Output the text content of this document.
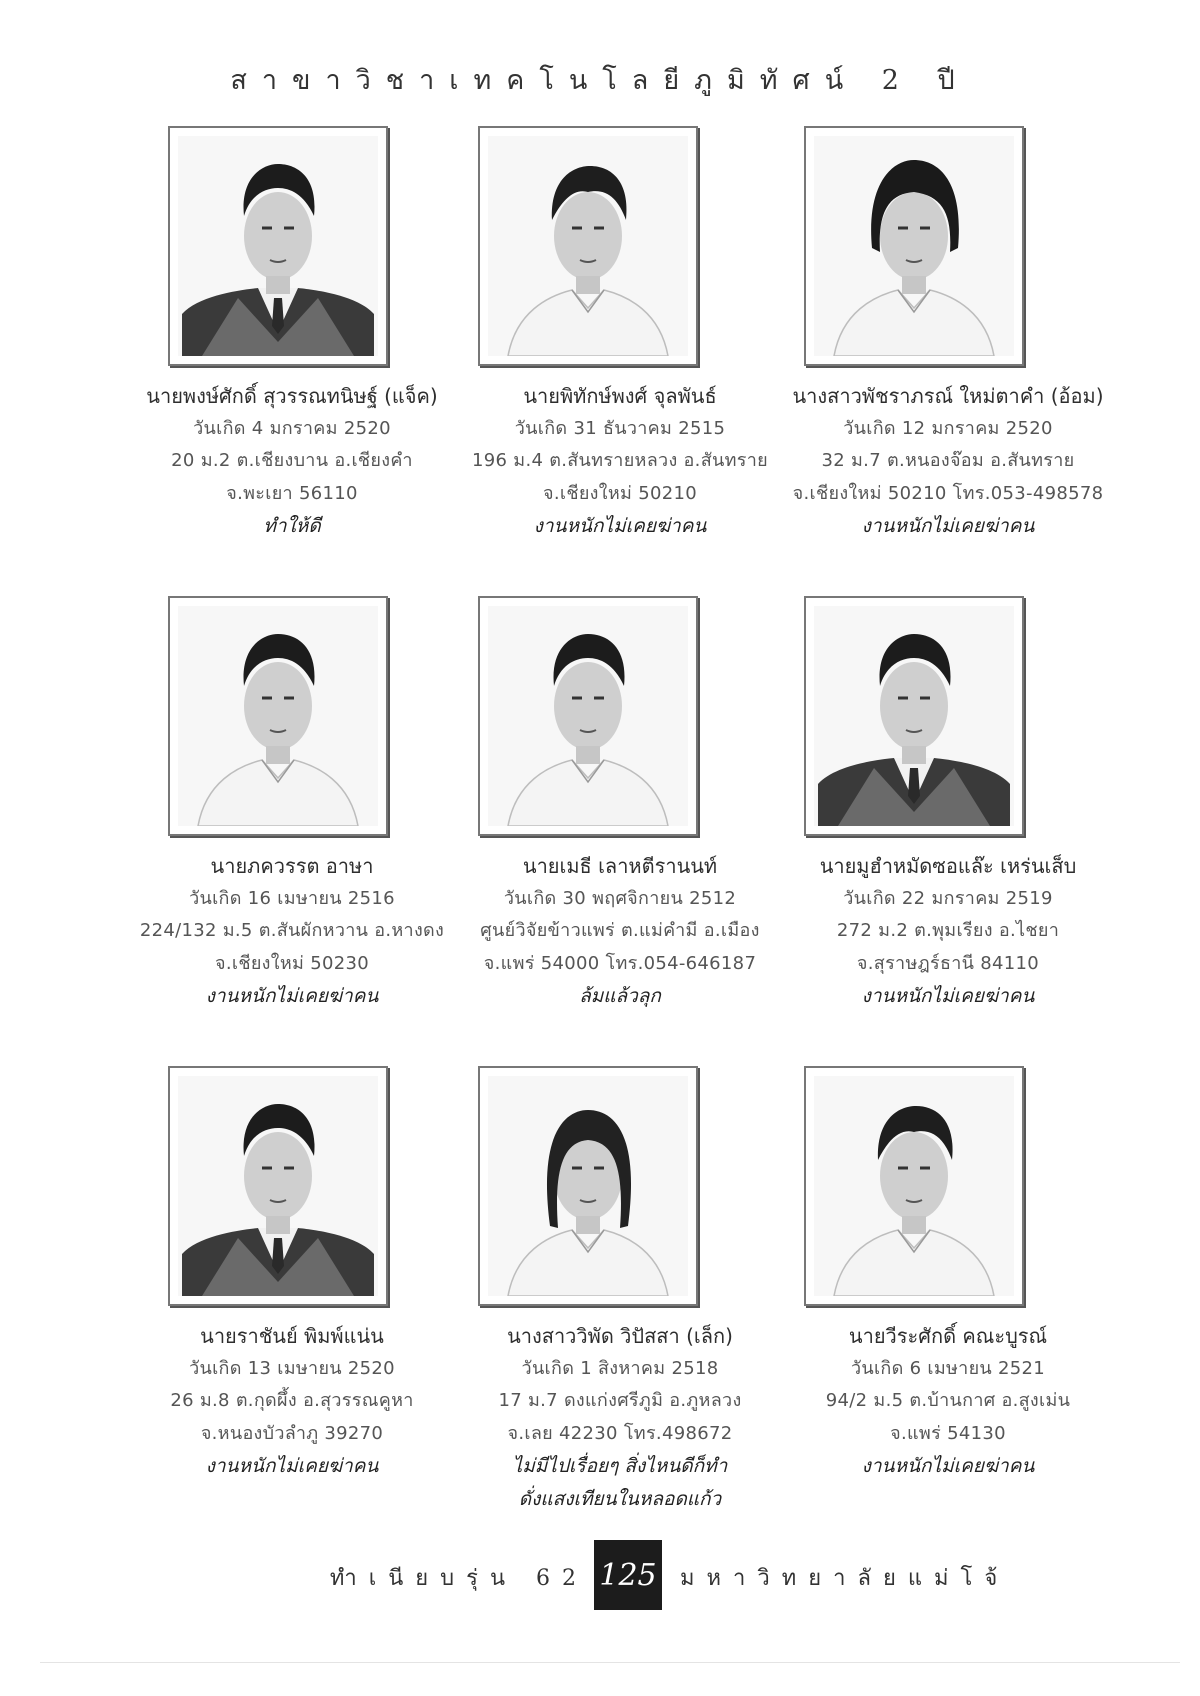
สาขาวิชาเทคโนโลยีภูมิทัศน์ 2 ปี
นายพงษ์ศักดิ์ สุวรรณทนิษฐ์ (แจ็ค)
วันเกิด 4 มกราคม 2520
20 ม.2 ต.เชียงบาน อ.เชียงคำ
จ.พะเยา 56110
ทำให้ดี
นายพิทักษ์พงศ์ จุลพันธ์
วันเกิด 31 ธันวาคม 2515
196 ม.4 ต.สันทรายหลวง อ.สันทราย
จ.เชียงใหม่ 50210
งานหนักไม่เคยฆ่าคน
นางสาวพัชราภรณ์ ใหม่ตาคำ (อ้อม)
วันเกิด 12 มกราคม 2520
32 ม.7 ต.หนองจ๊อม อ.สันทราย
จ.เชียงใหม่ 50210 โทร.053-498578
งานหนักไม่เคยฆ่าคน
นายภควรรต อาษา
วันเกิด 16 เมษายน 2516
224/132 ม.5 ต.สันผักหวาน อ.หางดง
จ.เชียงใหม่ 50230
งานหนักไม่เคยฆ่าคน
นายเมธี เลาหตีรานนท์
วันเกิด 30 พฤศจิกายน 2512
ศูนย์วิจัยข้าวแพร่ ต.แม่คำมี อ.เมือง
จ.แพร่ 54000 โทร.054-646187
ล้มแล้วลุก
นายมูฮำหมัดซอแล๊ะ เหร่นเส็บ
วันเกิด 22 มกราคม 2519
272 ม.2 ต.พุมเรียง อ.ไชยา
จ.สุราษฎร์ธานี 84110
งานหนักไม่เคยฆ่าคน
นายราชันย์ พิมพ์แน่น
วันเกิด 13 เมษายน 2520
26 ม.8 ต.กุดผึ้ง อ.สุวรรณคูหา
จ.หนองบัวลำภู 39270
งานหนักไม่เคยฆ่าคน
นางสาววิพัด วิปัสสา (เล็ก)
วันเกิด 1 สิงหาคม 2518
17 ม.7 ดงแก่งศรีภูมิ อ.ภูหลวง
จ.เลย 42230 โทร.498672
ไม่มีไปเรื่อยๆ สิ่งไหนดีก็ทำ
ดั่งแสงเทียนในหลอดแก้ว
นายวีระศักดิ์ คณะบูรณ์
วันเกิด 6 เมษายน 2521
94/2 ม.5 ต.บ้านกาศ อ.สูงเม่น
จ.แพร่ 54130
งานหนักไม่เคยฆ่าคน
ทำเนียบรุ่น 62 125 มหาวิทยาลัยแม่โจ้
